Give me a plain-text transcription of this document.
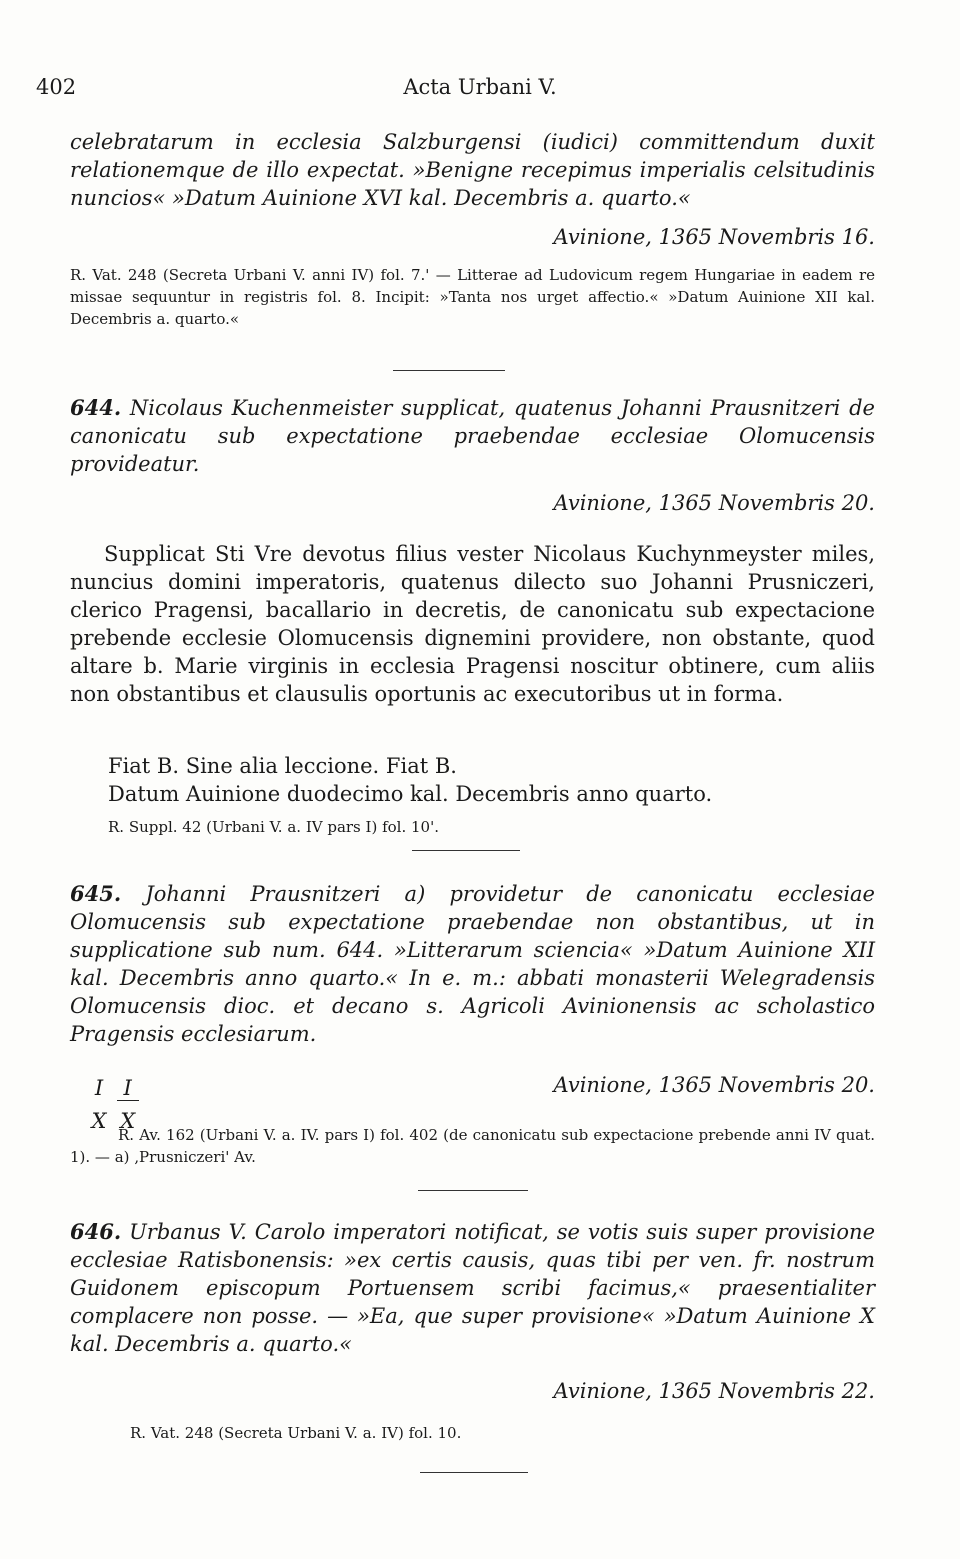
402	Acta Urbani V.

celebratarum in ecclesia Salzburgensi (iudici) committendum duxit relationemque de illo expectat. »Benigne recepimus imperialis celsitudinis nuncios« »Datum Auinione XVI kal. Decembris a. quarto.«

Avinione, 1365 Novembris 16.

R. Vat. 248 (Secreta Urbani V. anni IV) fol. 7.' — Litterae ad Ludovicum regem Hungariae in eadem re missae sequuntur in registris fol. 8. Incipit: »Tanta nos urget affectio.« »Datum Auinione XII kal. Decembris a. quarto.«

644. Nicolaus Kuchenmeister supplicat, quatenus Johanni Prausnitzeri de canonicatu sub expectatione praebendae ecclesiae Olomucensis provideatur.

Avinione, 1365 Novembris 20.

Supplicat Sti Vre devotus filius vester Nicolaus Kuchynmeyster miles, nuncius domini imperatoris, quatenus dilecto suo Johanni Prusniczeri, clerico Pragensi, bacallario in decretis, de canonicatu sub expectacione prebende ecclesie Olomucensis dignemini providere, non obstante, quod altare b. Marie virginis in ecclesia Pragensi noscitur obtinere, cum aliis non obstantibus et clausulis oportunis ac executoribus ut in forma.

Fiat B. Sine alia leccione. Fiat B.

Datum Auinione duodecimo kal. Decembris anno quarto.

R. Suppl. 42 (Urbani V. a. IV pars I) fol. 10'.

645. Johanni Prausnitzeri a) providetur de canonicatu ecclesiae Olomucensis sub expectatione praebendae non obstantibus, ut in supplicatione sub num. 644. »Litterarum sciencia« »Datum Auinione XII kal. Decembris anno quarto.« In e. m.: abbati monasterii Welegradensis Olomucensis dioc. et decano s. Agricoli Avinionensis ac scholastico Pragensis ecclesiarum.

I I
X X

Avinione, 1365 Novembris 20.

R. Av. 162 (Urbani V. a. IV. pars I) fol. 402 (de canonicatu sub expectacione prebende anni IV quat. 1). — a) ‚Prusniczeri' Av.

646. Urbanus V. Carolo imperatori notificat, se votis suis super provisione ecclesiae Ratisbonensis: »ex certis causis, quas tibi per ven. fr. nostrum Guidonem episcopum Portuensem scribi facimus,« praesentialiter complacere non posse. — »Ea, que super provisione« »Datum Auinione X kal. Decembris a. quarto.«

Avinione, 1365 Novembris 22.

R. Vat. 248 (Secreta Urbani V. a. IV) fol. 10.
